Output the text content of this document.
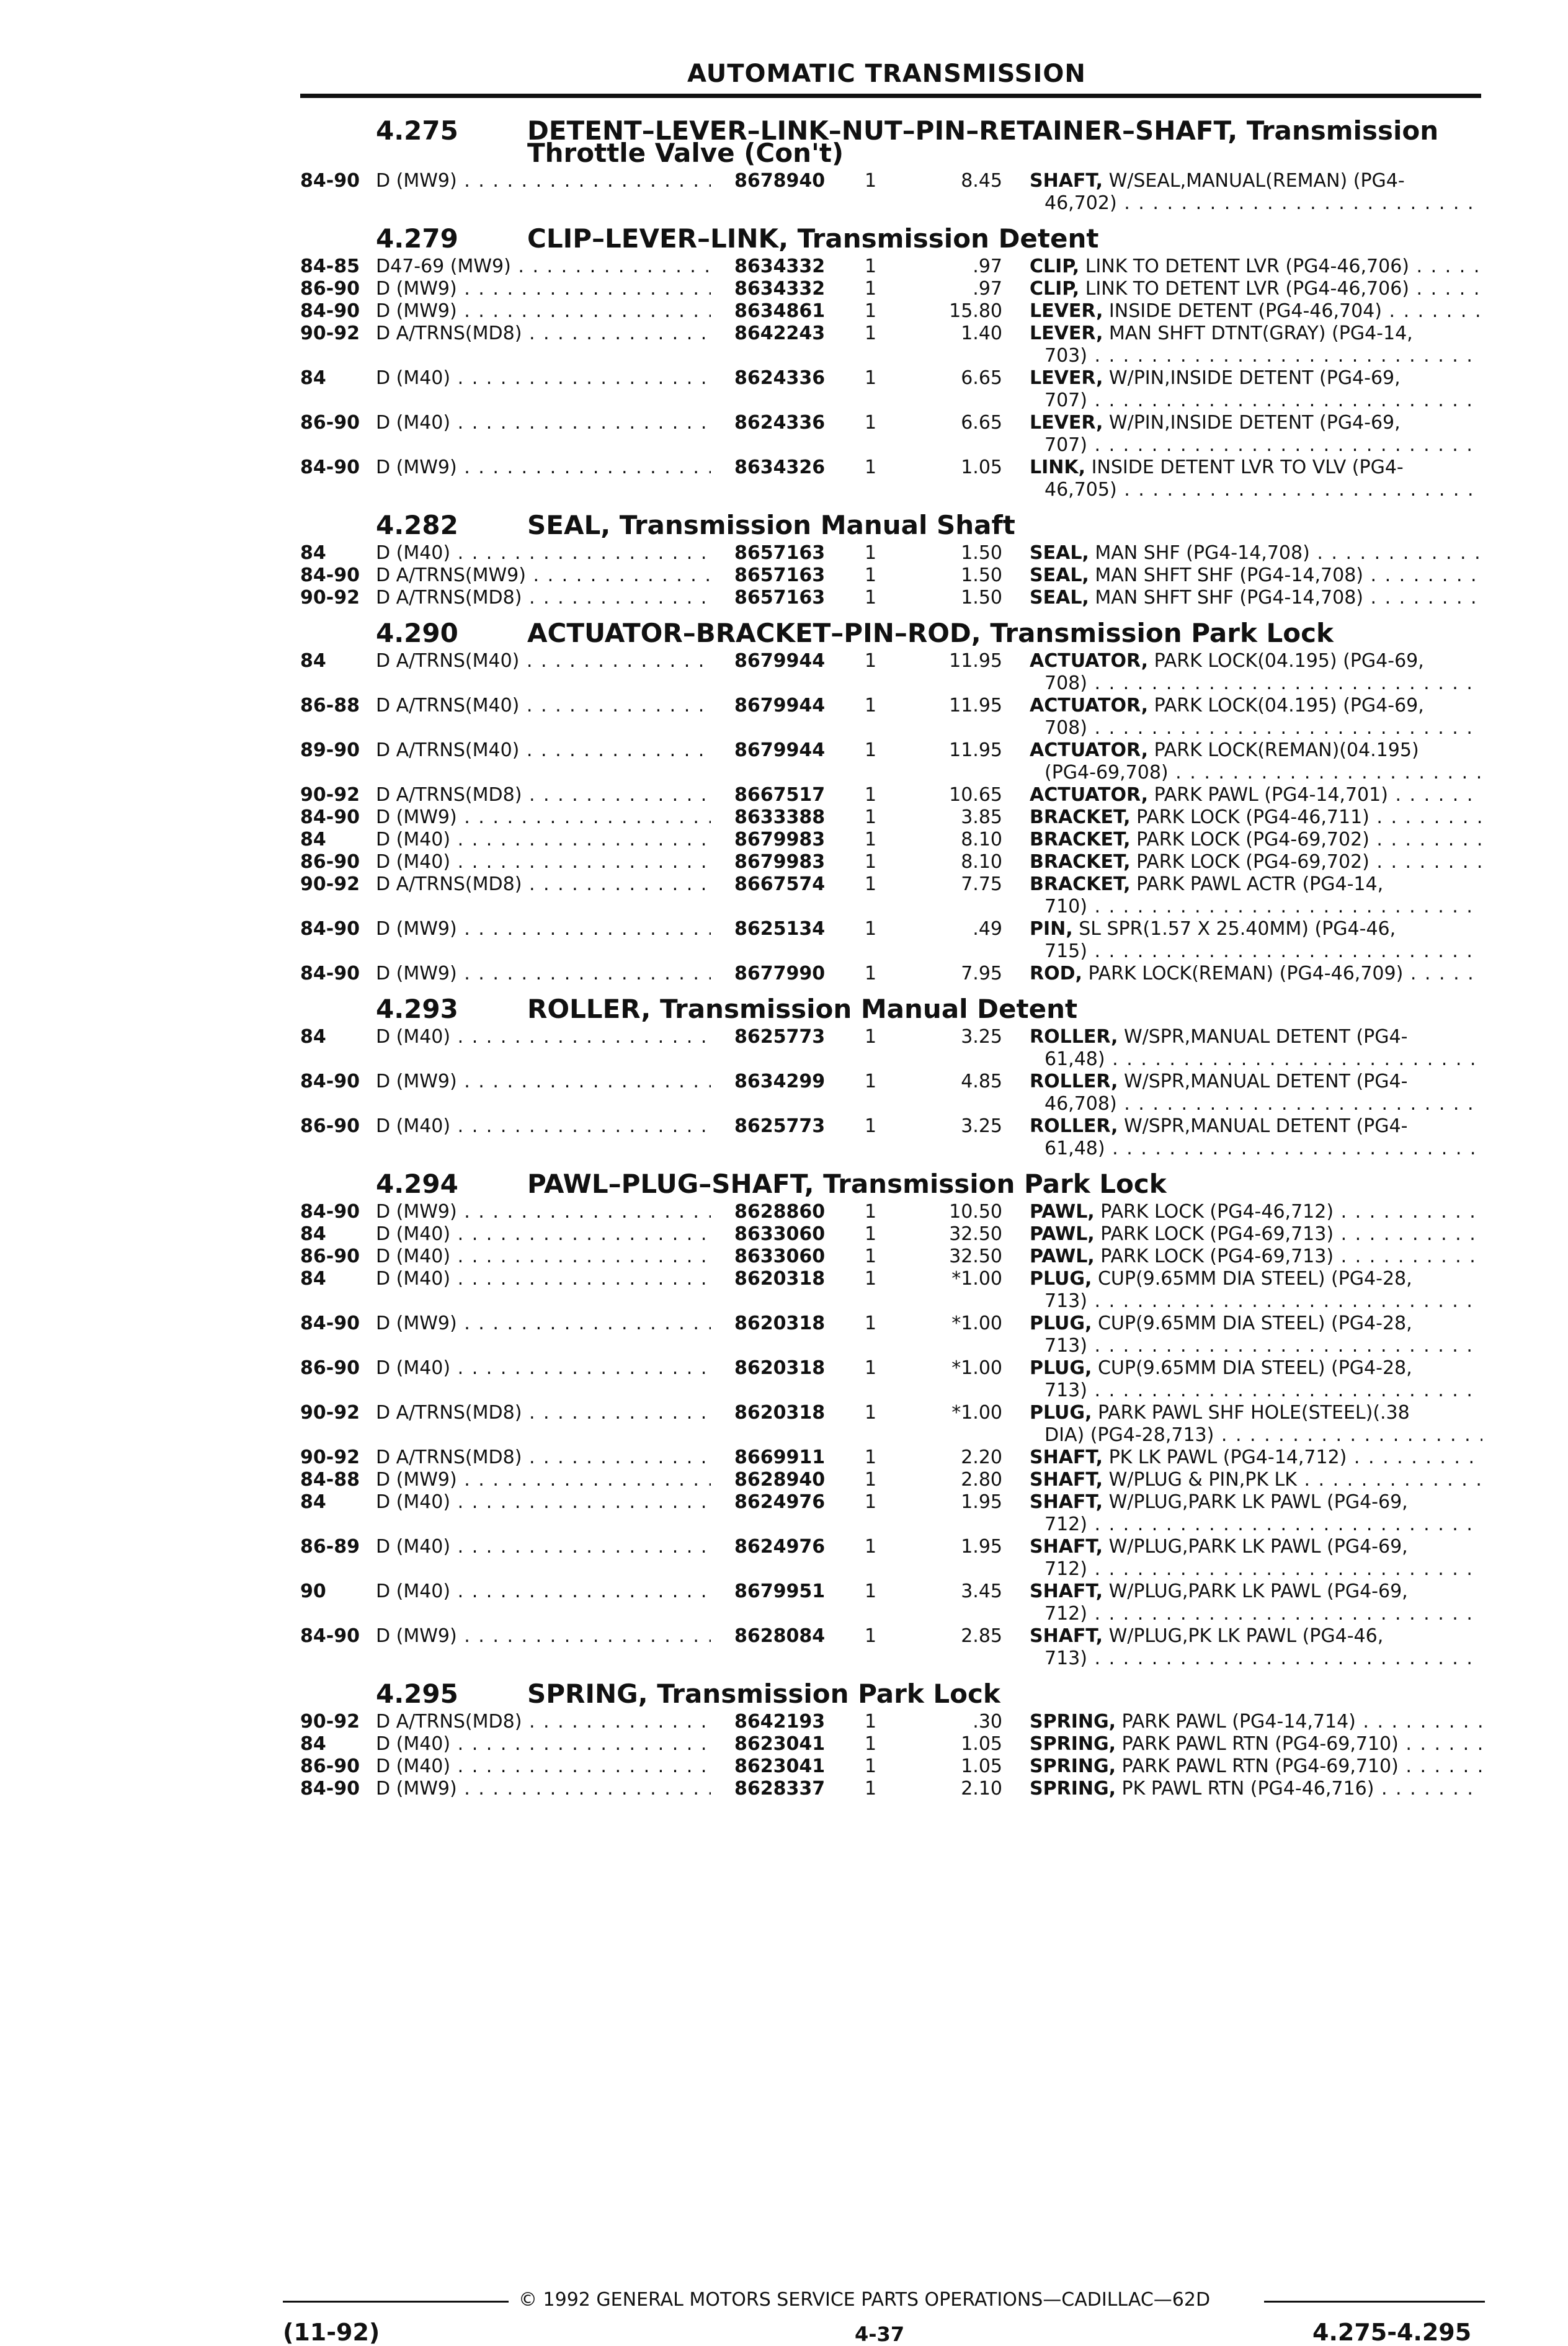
AUTOMATIC TRANSMISSION
4.275	DETENT–LEVER–LINK–NUT–PIN–RETAINER–SHAFT, Transmission
Throttle Valve (Con't)
84-90 D (MW9) . . .	8678940 1	8.45 SHAFT, W/SEAL,MANUAL(REMAN) (PG4-
46,702) . . .
4.279	CLIP–LEVER–LINK, Transmission Detent
84-85 D47-69 (MW9) . . .	8634332 1	.97 CLIP, LINK TO DETENT LVR (PG4-46,706) . . .
86-90 D (MW9) . . .	8634332 1	.97 CLIP, LINK TO DETENT LVR (PG4-46,706) . . .
84-90 D (MW9) . . .	8634861 1	15.80 LEVER, INSIDE DETENT (PG4-46,704) . . .
90-92 D A/TRNS(MD8) . . .	8642243 1	1.40 LEVER, MAN SHFT DTNT(GRAY) (PG4-14,
703) . . .
84	D (M40) . . .	8624336 1	6.65 LEVER, W/PIN,INSIDE DETENT (PG4-69,
707) . . .
86-90 D (M40) . . .	8624336 1	6.65 LEVER, W/PIN,INSIDE DETENT (PG4-69,
707) . . .
84-90 D (MW9) . . .	8634326 1	1.05 LINK, INSIDE DETENT LVR TO VLV (PG4-
46,705) . . .
4.282	SEAL, Transmission Manual Shaft
84	D (M40) . . .	8657163 1	1.50 SEAL, MAN SHF (PG4-14,708) . . .
84-90 D A/TRNS(MW9) . . .	8657163 1	1.50 SEAL, MAN SHFT SHF (PG4-14,708) . . .
90-92 D A/TRNS(MD8) . . .	8657163 1	1.50 SEAL, MAN SHFT SHF (PG4-14,708) . . .
4.290	ACTUATOR–BRACKET–PIN–ROD, Transmission Park Lock
84	D A/TRNS(M40) . . .	8679944 1	11.95 ACTUATOR, PARK LOCK(04.195) (PG4-69,
708) . . .
86-88 D A/TRNS(M40) . . .	8679944 1	11.95 ACTUATOR, PARK LOCK(04.195) (PG4-69,
708) . . .
89-90 D A/TRNS(M40) . . .	8679944 1	11.95 ACTUATOR, PARK LOCK(REMAN)(04.195)
(PG4-69,708) . . .
90-92 D A/TRNS(MD8) . . .	8667517 1	10.65 ACTUATOR, PARK PAWL (PG4-14,701) . . .
84-90 D (MW9) . . .	8633388 1	3.85 BRACKET, PARK LOCK (PG4-46,711) . . .
84	D (M40) . . .	8679983 1	8.10 BRACKET, PARK LOCK (PG4-69,702) . . .
86-90 D (M40) . . .	8679983 1	8.10 BRACKET, PARK LOCK (PG4-69,702) . . .
90-92 D A/TRNS(MD8) . . .	8667574 1	7.75 BRACKET, PARK PAWL ACTR (PG4-14,
710) . . .
84-90 D (MW9) . . .	8625134 1	.49 PIN, SL SPR(1.57 X 25.40MM) (PG4-46,
715) . . .
84-90 D (MW9) . . .	8677990 1	7.95 ROD, PARK LOCK(REMAN) (PG4-46,709) . . .
4.293	ROLLER, Transmission Manual Detent
84	D (M40) . . .	8625773 1	3.25 ROLLER, W/SPR,MANUAL DETENT (PG4-
61,48) . . .
84-90 D (MW9) . . .	8634299 1	4.85 ROLLER, W/SPR,MANUAL DETENT (PG4-
46,708) . . .
86-90 D (M40) . . .	8625773 1	3.25 ROLLER, W/SPR,MANUAL DETENT (PG4-
61,48) . . .
4.294	PAWL–PLUG–SHAFT, Transmission Park Lock
84-90 D (MW9) . . .	8628860 1	10.50 PAWL, PARK LOCK (PG4-46,712) . . .
84	D (M40) . . .	8633060 1	32.50 PAWL, PARK LOCK (PG4-69,713) . . .
86-90 D (M40) . . .	8633060 1	32.50 PAWL, PARK LOCK (PG4-69,713) . . .
84	D (M40) . . .	8620318 1	*1.00 PLUG, CUP(9.65MM DIA STEEL) (PG4-28,
713) . . .
84-90 D (MW9) . . .	8620318 1	*1.00 PLUG, CUP(9.65MM DIA STEEL) (PG4-28,
713) . . .
86-90 D (M40) . . .	8620318 1	*1.00 PLUG, CUP(9.65MM DIA STEEL) (PG4-28,
713) . . .
90-92 D A/TRNS(MD8) . . .	8620318 1	*1.00 PLUG, PARK PAWL SHF HOLE(STEEL)(.38
DIA) (PG4-28,713) . . .
90-92 D A/TRNS(MD8) . . .	8669911 1	2.20 SHAFT, PK LK PAWL (PG4-14,712) . . .
84-88 D (MW9) . . .	8628940 1	2.80 SHAFT, W/PLUG & PIN,PK LK . . .
84	D (M40) . . .	8624976 1	1.95 SHAFT, W/PLUG,PARK LK PAWL (PG4-69,
712) . . .
86-89 D (M40) . . .	8624976 1	1.95 SHAFT, W/PLUG,PARK LK PAWL (PG4-69,
712) . . .
90	D (M40) . . .	8679951 1	3.45 SHAFT, W/PLUG,PARK LK PAWL (PG4-69,
712) . . .
84-90 D (MW9) . . .	8628084 1	2.85 SHAFT, W/PLUG,PK LK PAWL (PG4-46,
713) . . .
4.295	SPRING, Transmission Park Lock
90-92 D A/TRNS(MD8) . . .	8642193 1	.30 SPRING, PARK PAWL (PG4-14,714) . . .
84	D (M40) . . .	8623041 1	1.05 SPRING, PARK PAWL RTN (PG4-69,710) . . .
86-90 D (M40) . . .	8623041 1	1.05 SPRING, PARK PAWL RTN (PG4-69,710) . . .
84-90 D (MW9) . . .	8628337 1	2.10 SPRING, PK PAWL RTN (PG4-46,716) . . .
© 1992 GENERAL MOTORS SERVICE PARTS OPERATIONS—CADILLAC—62D
(11-92)	4-37	4.275-4.295
